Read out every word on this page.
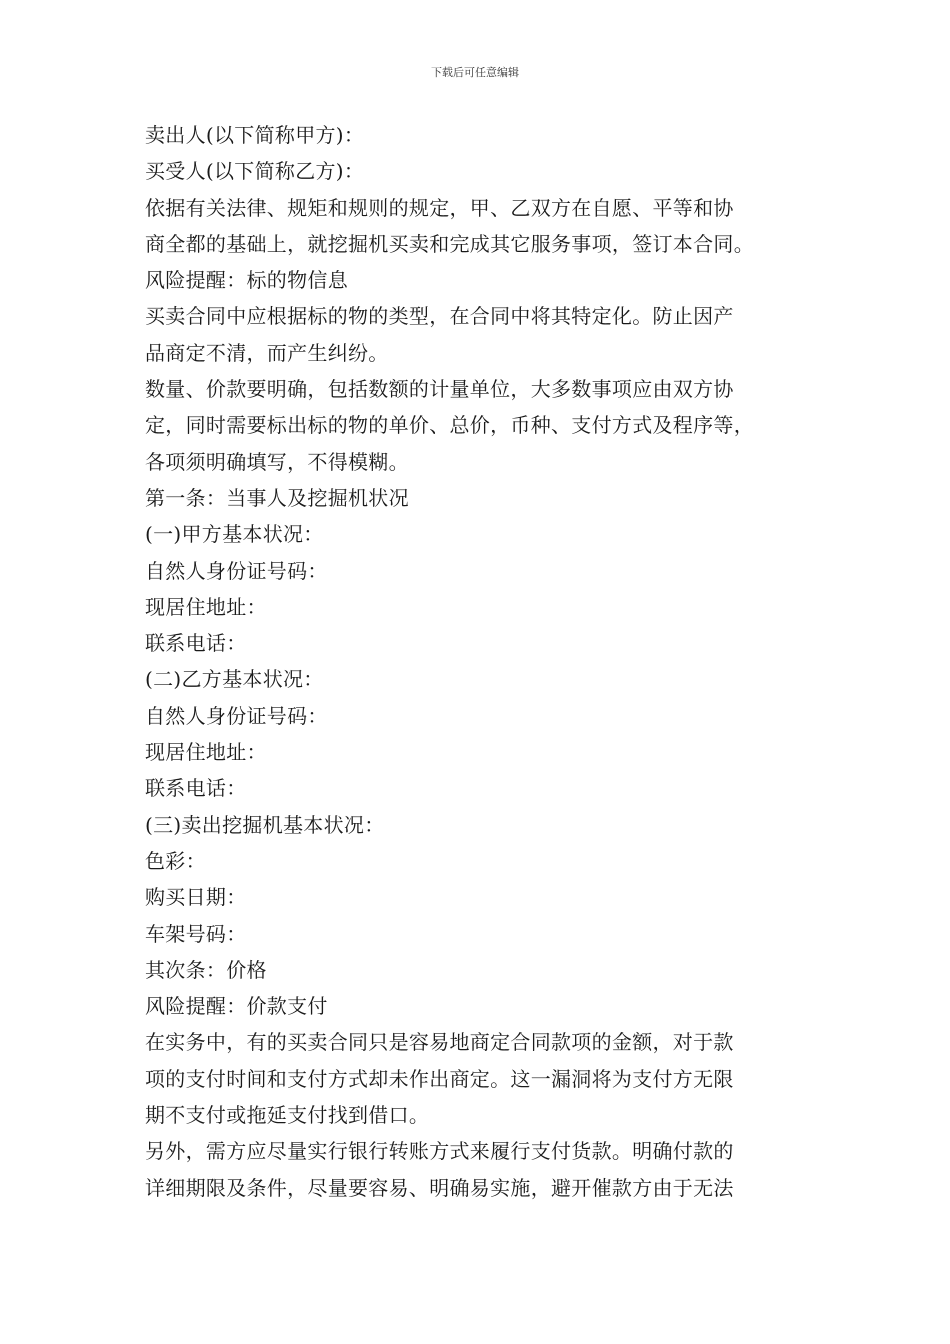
下载后可任意编辑
卖出人(以下简称甲方)：
买受人(以下简称乙方)：
依据有关法律、规矩和规则的规定，甲、乙双方在自愿、平等和协
商全都的基础上，就挖掘机买卖和完成其它服务事项，签订本合同。
风险提醒：标的物信息
买卖合同中应根据标的物的类型，在合同中将其特定化。防止因产
品商定不清，而产生纠纷。
数量、价款要明确，包括数额的计量单位，大多数事项应由双方协
定，同时需要标出标的物的单价、总价，币种、支付方式及程序等，
各项须明确填写，不得模糊。
第一条：当事人及挖掘机状况
(一)甲方基本状况：
自然人身份证号码：
现居住地址：
联系电话：
(二)乙方基本状况：
自然人身份证号码：
现居住地址：
联系电话：
(三)卖出挖掘机基本状况：
色彩：
购买日期：
车架号码：
其次条：价格
风险提醒：价款支付
在实务中，有的买卖合同只是容易地商定合同款项的金额，对于款
项的支付时间和支付方式却未作出商定。这一漏洞将为支付方无限
期不支付或拖延支付找到借口。
另外，需方应尽量实行银行转账方式来履行支付货款。明确付款的
详细期限及条件，尽量要容易、明确易实施，避开催款方由于无法
